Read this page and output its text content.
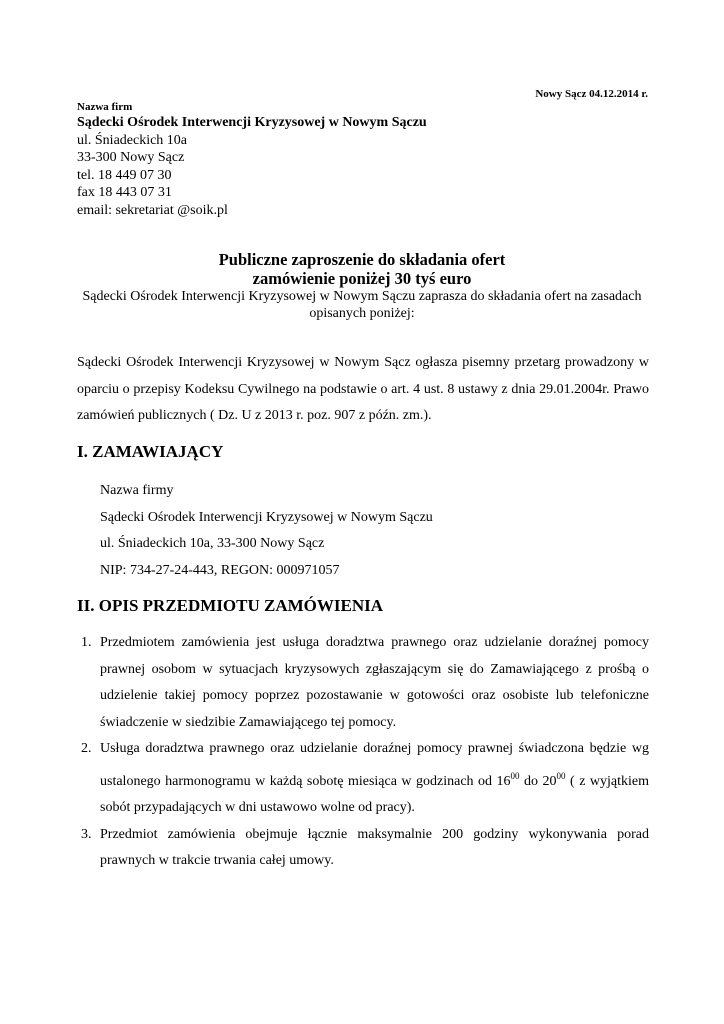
Nowy Sącz 04.12.2014 r.
Nazwa firm
Sądecki Ośrodek Interwencji Kryzysowej w Nowym Sączu
ul. Śniadeckich 10a
33-300 Nowy Sącz
tel. 18 449 07 30
fax 18 443 07 31
email: sekretariat @soik.pl
Publiczne zaproszenie do składania ofert
zamówienie poniżej 30 tyś euro
Sądecki Ośrodek Interwencji Kryzysowej w Nowym Sączu zaprasza do składania ofert na zasadach opisanych poniżej:
Sądecki Ośrodek Interwencji Kryzysowej w Nowym Sącz ogłasza pisemny przetarg prowadzony w oparciu o przepisy Kodeksu Cywilnego na podstawie o art. 4 ust. 8 ustawy z dnia 29.01.2004r. Prawo zamówień publicznych ( Dz. U z 2013 r. poz. 907 z późn. zm.).
I. ZAMAWIAJĄCY
Nazwa firmy
Sądecki Ośrodek Interwencji Kryzysowej w Nowym Sączu
ul. Śniadeckich 10a, 33-300 Nowy Sącz
NIP: 734-27-24-443, REGON: 000971057
II. OPIS PRZEDMIOTU ZAMÓWIENIA
1. Przedmiotem zamówienia jest usługa doradztwa prawnego oraz udzielanie doraźnej pomocy prawnej osobom w sytuacjach kryzysowych zgłaszającym się do Zamawiającego z prośbą o udzielenie takiej pomocy poprzez pozostawanie w gotowości oraz osobiste lub telefoniczne świadczenie w siedzibie Zamawiającego tej pomocy.
2. Usługa doradztwa prawnego oraz udzielanie doraźnej pomocy prawnej świadczona będzie wg ustalonego harmonogramu w każdą sobotę miesiąca w godzinach od $16^{00}$ do $20^{00}$ ( z wyjątkiem sobót przypadających w dni ustawowo wolne od pracy).
3. Przedmiot zamówienia obejmuje łącznie maksymalnie 200 godziny wykonywania porad prawnych w trakcie trwania całej umowy.
